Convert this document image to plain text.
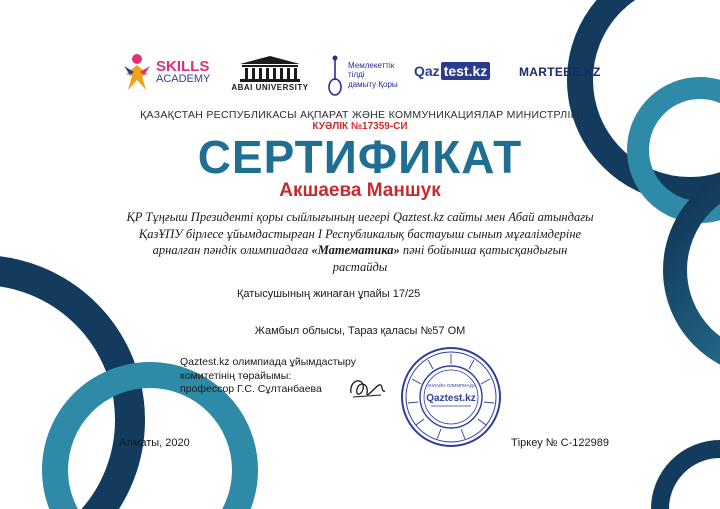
SKILLS
ACADEMY
ABAI UNIVERSITY
Мемлекеттік
тілді
дамыту Қоры
Qaz test.kz	MARTEBE.KZ
ҚАЗАҚСТАН РЕСПУБЛИКАСЫ АҚПАРАТ ЖӘНЕ КОММУНИКАЦИЯЛАР МИНИСТРЛІГІ
КУӘЛІК №17359-СИ
СЕРТИФИКАТ
Акшаева Маншук
ҚР Тұңғыш Президенті қоры сыйлығының иегері Qaztest.kz сайты мен Абай атындағы ҚазҰПУ бірлесе ұйымдастырған І Республикалық бастауыш сынып мұғалімдеріне арналған пәндік олимпиадаға «Математика» пәні бойынша қатысқандығын растайды
Қатысушының жинаған ұпайы 17/25
Жамбыл облысы, Тараз қаласы №57 ОМ
Qaztest.kz олимпиада ұйымдастыру
комитетінің төрайымы:
профессор Г.С. Сұлтанбаева	ОНЛАЙН ОЛИМПИАДА
Qaztest.kz
Алматы, 2020	Тіркеу № С-122989
